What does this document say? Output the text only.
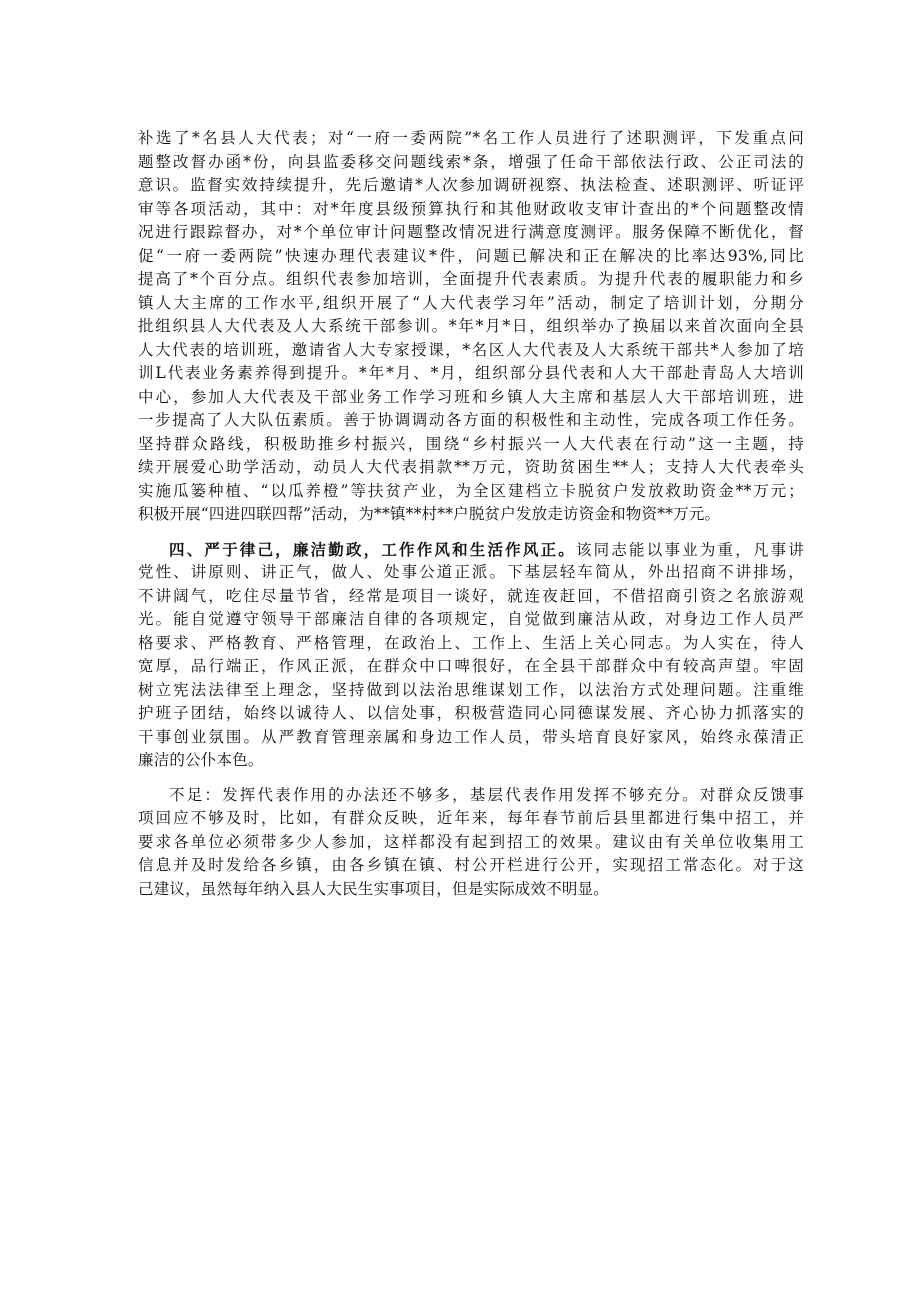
补选了*名县人大代表；对“一府一委两院”*名工作人员进行了述职测评，下发重点问
题整改督办函*份，向县监委移交问题线索*条，增强了任命干部依法行政、公正司法的
意识。监督实效持续提升，先后邀请*人次参加调研视察、执法检查、述职测评、听证评
审等各项活动，其中：对*年度县级预算执行和其他财政收支审计查出的*个问题整改情
况进行跟踪督办，对*个单位审计问题整改情况进行满意度测评。服务保障不断优化，督
促“一府一委两院”快速办理代表建议*件，问题已解决和正在解决的比率达93%,同比
提高了*个百分点。组织代表参加培训，全面提升代表素质。为提升代表的履职能力和乡
镇人大主席的工作水平,组织开展了“人大代表学习年”活动，制定了培训计划，分期分
批组织县人大代表及人大系统干部参训。*年*月*日，组织举办了换届以来首次面向全县
人大代表的培训班，邀请省人大专家授课，*名区人大代表及人大系统干部共*人参加了培
训L代表业务素养得到提升。*年*月、*月，组织部分县代表和人大干部赴青岛人大培训
中心，参加人大代表及干部业务工作学习班和乡镇人大主席和基层人大干部培训班，进
一步提高了人大队伍素质。善于协调调动各方面的积极性和主动性，完成各项工作任务。
坚持群众路线，积极助推乡村振兴，围绕“乡村振兴一人大代表在行动”这一主题，持
续开展爱心助学活动，动员人大代表捐款**万元，资助贫困生**人；支持人大代表牵头
实施瓜篓种植、“以瓜养橙”等扶贫产业，为全区建档立卡脱贫户发放救助资金**万元；
积极开展“四进四联四帮”活动，为**镇**村**户脱贫户发放走访资金和物资**万元。
四、严于律己，廉洁勤政，工作作风和生活作风正。该同志能以事业为重，凡事讲
党性、讲原则、讲正气，做人、处事公道正派。下基层轻车简从，外出招商不讲排场，
不讲阔气，吃住尽量节省，经常是项目一谈好，就连夜赶回，不借招商引资之名旅游观
光。能自觉遵守领导干部廉洁自律的各项规定，自觉做到廉洁从政，对身边工作人员严
格要求、严格教育、严格管理，在政治上、工作上、生活上关心同志。为人实在，待人
宽厚，品行端正，作风正派，在群众中口啤很好，在全县干部群众中有较高声望。牢固
树立宪法法律至上理念，坚持做到以法治思维谋划工作，以法治方式处理问题。注重维
护班子团结，始终以诚待人、以信处事，积极营造同心同德谋发展、齐心协力抓落实的
干事创业氛围。从严教育管理亲属和身边工作人员，带头培育良好家风，始终永葆清正
廉洁的公仆本色。
不足：发挥代表作用的办法还不够多，基层代表作用发挥不够充分。对群众反馈事
项回应不够及时，比如，有群众反映，近年来，每年春节前后县里都进行集中招工，并
要求各单位必须带多少人参加，这样都没有起到招工的效果。建议由有关单位收集用工
信息并及时发给各乡镇，由各乡镇在镇、村公开栏进行公开，实现招工常态化。对于这
己建议，虽然每年纳入县人大民生实事项目，但是实际成效不明显。
